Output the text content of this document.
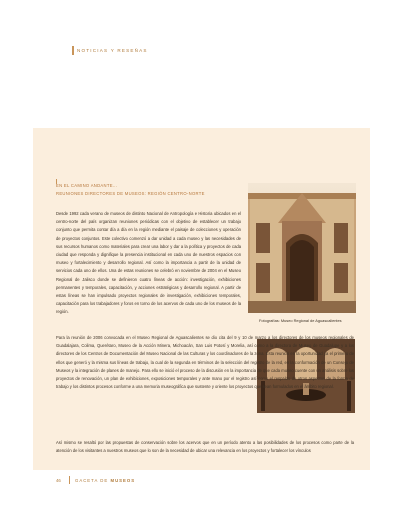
NOTICIAS Y RESEÑAS
EN EL CAMINO ANDANTE...
REUNIONES DIRECTORES DE MUSEOS: REGIÓN CENTRO-NORTE
Desde 1992 cada verano de museos de distinto Nacional de Antropología e Historia ubicados en el centro-norte del país organizan reuniones periódicas con el objetivo de establecer un trabajo conjunto que permita contar día a día en la región mediante el paisaje de colecciones y operación de proyectos conjuntos. Este colectivo comenzó a dar unidad a cada museo y las necesidades de sus recursos humanos como materiales para crear una labor y dar a la política y proyectos de cada ciudad que responda y dignifique la presencia institucional en cada uno de nuestros espacios con museo y fortalecimiento y desarrollo regional. Así como la importancia a partir de la unidad de servicios cada uno de ellos. Una de estas reuniones se celebró en noviembre de 2004 en el Museo Regional de Jalisco donde se definieron cuatro líneas de acción: investigación, exhibiciones permanentes y temporales, capacitación, y acciones estratégicas y desarrollo regional. A partir de estas líneas se han impulsado proyectos regionales de investigación, exhibiciones temporales, capacitación para los trabajadores y foros en torno de los acervos de cada uno de los museos de la región.
Fotografías: Museo Regional de Aguascalientes
Para la reunión de 2006 convocada en el Museo Regional de Aguascalientes se dio cita del 9 y 10 de marzo a los directores de los museos regionales de Guadalajara, Colima, Querétaro, Museo de la Acción Minera, Michoacán, San Luis Potosí y Morelia, así como a la directora de Museo de Guadalupe y a los directores de los Centros de Documentación del Museo Nacional de las Culturas y los coordinadores de la zona. Esta reunión en la oportunidad ya el primero de ellos que generó y la misma sus líneas de trabajo, la cual de la segunda en términos de la selección del registro de la red, en la conformación de un Consejo de Museos y la integración de planes de manejo. Para ello se inició el proceso de la discusión en la importancia de que cada museo cuente con un análisis sobre los proyectos de renovación, un plan de exhibiciones, exposiciones temporales y ante mano por el registro así como el respaldo de otros aspectos de la forma de trabajo y los distintos procesos conforme a una memoria museográfica que sustente y oriente los proyectos que sean formulados en el ámbito regional.
Así mismo se resaltó por las propuestas de conservación sobre los acervos que en un período atento a las posibilidades de los procesos como parte de la atención de los visitantes a nuestros museos que lo son de la necesidad de ubicar una relevancia en los proyectos y fortalecer los vínculos
46	GACETA DE MUSEOS
